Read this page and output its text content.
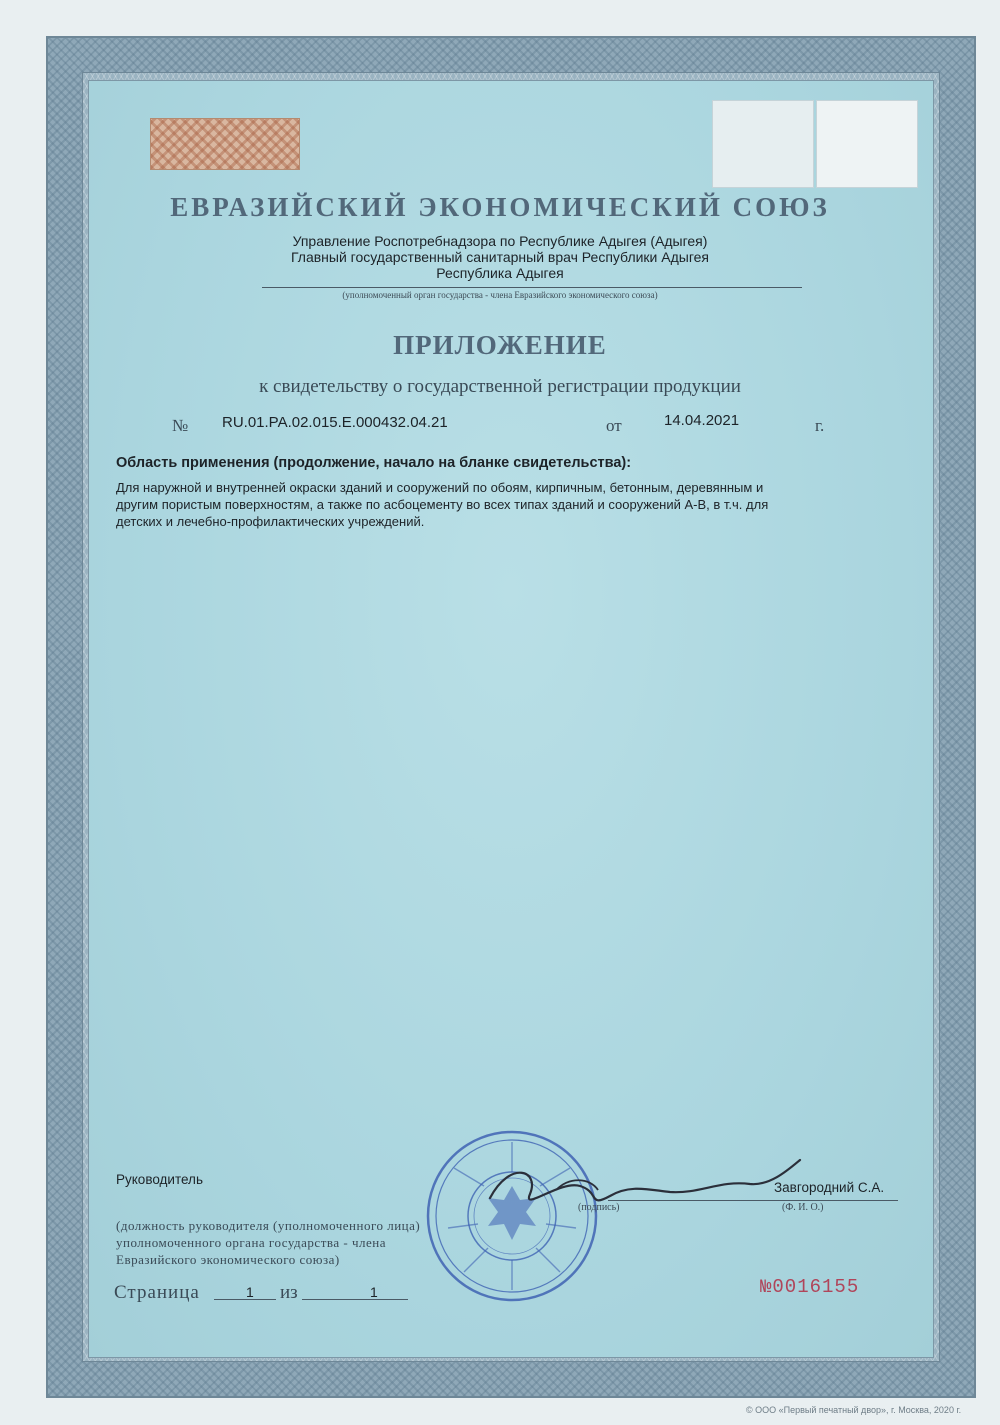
ЕВРАЗИЙСКИЙ ЭКОНОМИЧЕСКИЙ СОЮЗ
Управление Роспотребнадзора по Республике Адыгея (Адыгея)
Главный государственный санитарный врач Республики Адыгея
Республика Адыгея
(уполномоченный орган государства - члена Евразийского экономического союза)
ПРИЛОЖЕНИЕ
к свидетельству о государственной регистрации продукции
№ RU.01.PA.02.015.E.000432.04.21	от	14.04.2021	г.
Область применения (продолжение, начало на бланке свидетельства):
Для наружной и внутренней окраски зданий и сооружений по обоям, кирпичным, бетонным, деревянным и другим пористым поверхностям, а также по асбоцементу во всех типах зданий и сооружений А-В, в т.ч. для детских и лечебно-профилактических учреждений.
Руководитель
Завгородний С.А.
(подпись)	(Ф. И. О.)
(должность руководителя (уполномоченного лица) уполномоченного органа государства - члена Евразийского экономического союза)
Страница	1 из	1	№0016155
© ООО «Первый печатный двор», г. Москва, 2020 г.
